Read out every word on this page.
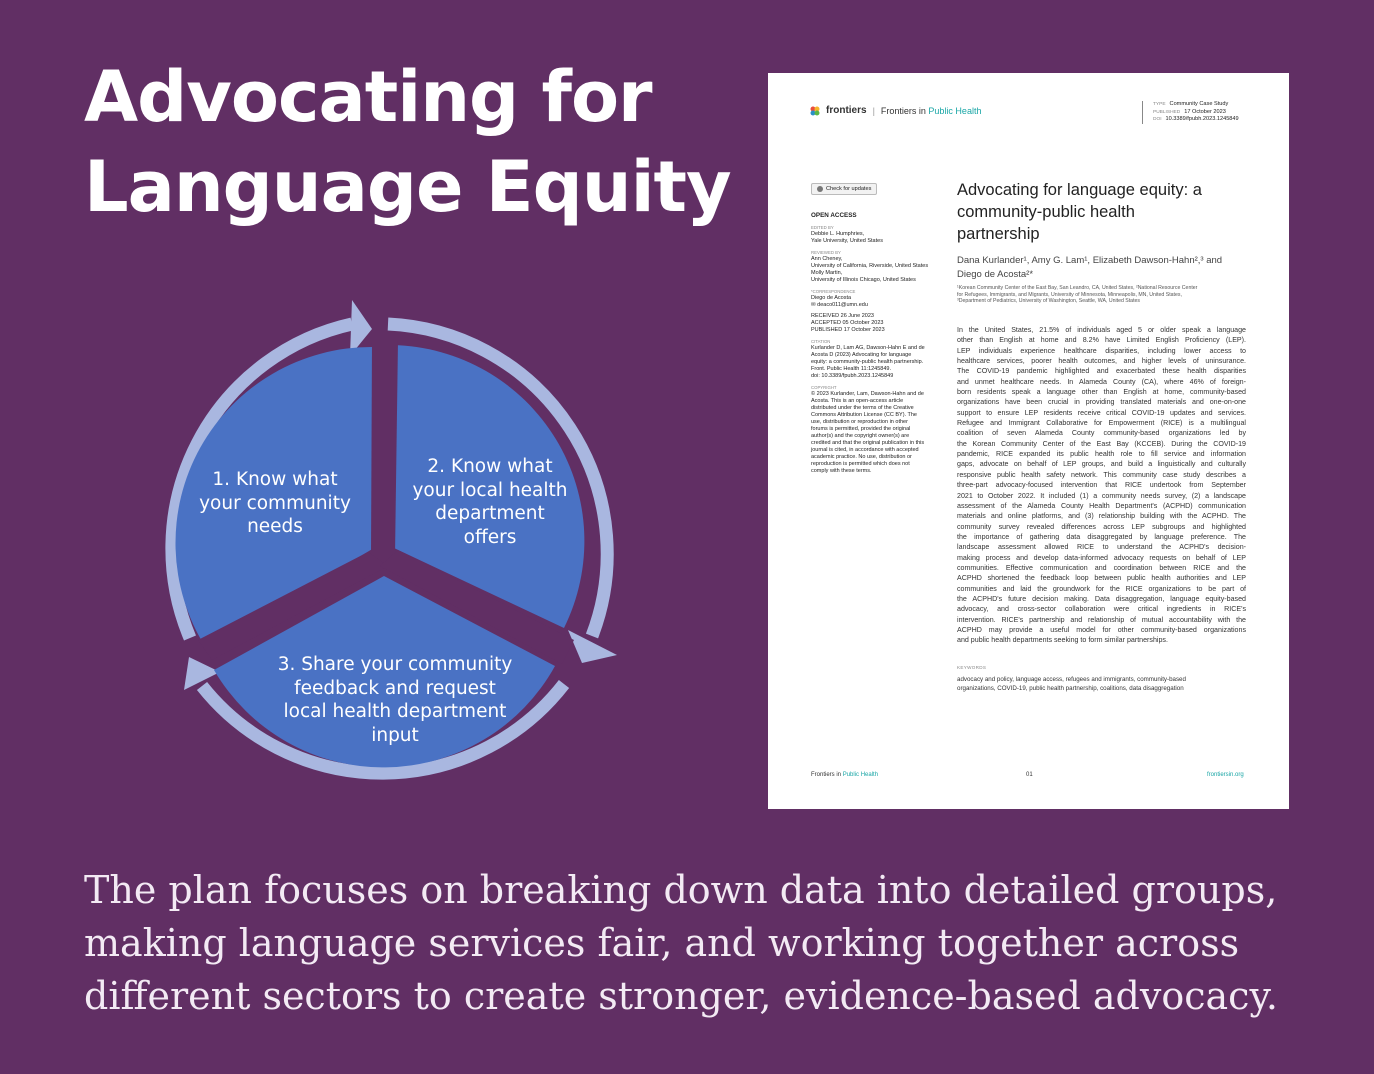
Advocating for
Language Equity
1. Know what
your community
needs
2. Know what
your local health
department
offers
3. Share your community
feedback and request
local health department
input
frontiers | Frontiers in Public Health
TYPE Community Case Study
PUBLISHED 17 October 2023
DOI 10.3389/fpubh.2023.1245849
Check for updates
OPEN ACCESS
EDITED BY
Debbie L. Humphries,
Yale University, United States
REVIEWED BY
Ann Cheney,
University of California, Riverside, United States
Molly Martin,
University of Illinois Chicago, United States
*CORRESPONDENCE
Diego de Acosta
✉ deaco011@umn.edu
RECEIVED 26 June 2023
ACCEPTED 05 October 2023
PUBLISHED 17 October 2023
CITATION
Kurlander D, Lam AG, Dawson-Hahn E and de
Acosta D (2023) Advocating for language
equity: a community-public health partnership.
Front. Public Health 11:1245849.
doi: 10.3389/fpubh.2023.1245849
COPYRIGHT
© 2023 Kurlander, Lam, Dawson-Hahn and de
Acosta. This is an open-access article
distributed under the terms of the Creative
Commons Attribution License (CC BY). The
use, distribution or reproduction in other
forums is permitted, provided the original
author(s) and the copyright owner(s) are
credited and that the original publication in this
journal is cited, in accordance with accepted
academic practice. No use, distribution or
reproduction is permitted which does not
comply with these terms.
Advocating for language equity: a
community-public health
partnership
Dana Kurlander¹, Amy G. Lam¹, Elizabeth Dawson-Hahn²,³ and
Diego de Acosta²*
¹Korean Community Center of the East Bay, San Leandro, CA, United States, ²National Resource Center
for Refugees, Immigrants, and Migrants, University of Minnesota, Minneapolis, MN, United States,
³Department of Pediatrics, University of Washington, Seattle, WA, United States
In the United States, 21.5% of individuals aged 5 or older speak a language
other than English at home and 8.2% have Limited English Proficiency (LEP).
LEP individuals experience healthcare disparities, including lower access to
healthcare services, poorer health outcomes, and higher levels of uninsurance.
The COVID-19 pandemic highlighted and exacerbated these health disparities
and unmet healthcare needs. In Alameda County (CA), where 46% of foreign-
born residents speak a language other than English at home, community-based
organizations have been crucial in providing translated materials and one-on-one
support to ensure LEP residents receive critical COVID-19 updates and services.
Refugee and Immigrant Collaborative for Empowerment (RICE) is a multilingual
coalition of seven Alameda County community-based organizations led by
the Korean Community Center of the East Bay (KCCEB). During the COVID-19
pandemic, RICE expanded its public health role to fill service and information
gaps, advocate on behalf of LEP groups, and build a linguistically and culturally
responsive public health safety network. This community case study describes a
three-part advocacy-focused intervention that RICE undertook from September
2021 to October 2022. It included (1) a community needs survey, (2) a landscape
assessment of the Alameda County Health Department's (ACPHD) communication
materials and online platforms, and (3) relationship building with the ACPHD. The
community survey revealed differences across LEP subgroups and highlighted
the importance of gathering data disaggregated by language preference. The
landscape assessment allowed RICE to understand the ACPHD's decision-
making process and develop data-informed advocacy requests on behalf of LEP
communities. Effective communication and coordination between RICE and the
ACPHD shortened the feedback loop between public health authorities and LEP
communities and laid the groundwork for the RICE organizations to be part of
the ACPHD's future decision making. Data disaggregation, language equity-based
advocacy, and cross-sector collaboration were critical ingredients in RICE's
intervention. RICE's partnership and relationship of mutual accountability with the
ACPHD may provide a useful model for other community-based organizations
and public health departments seeking to form similar partnerships.
KEYWORDS
advocacy and policy, language access, refugees and immigrants, community-based
organizations, COVID-19, public health partnership, coalitions, data disaggregation
Frontiers in Public Health	01	frontiersin.org

The plan focuses on breaking down data into detailed groups,
making language services fair, and working together across
different sectors to create stronger, evidence-based advocacy.
